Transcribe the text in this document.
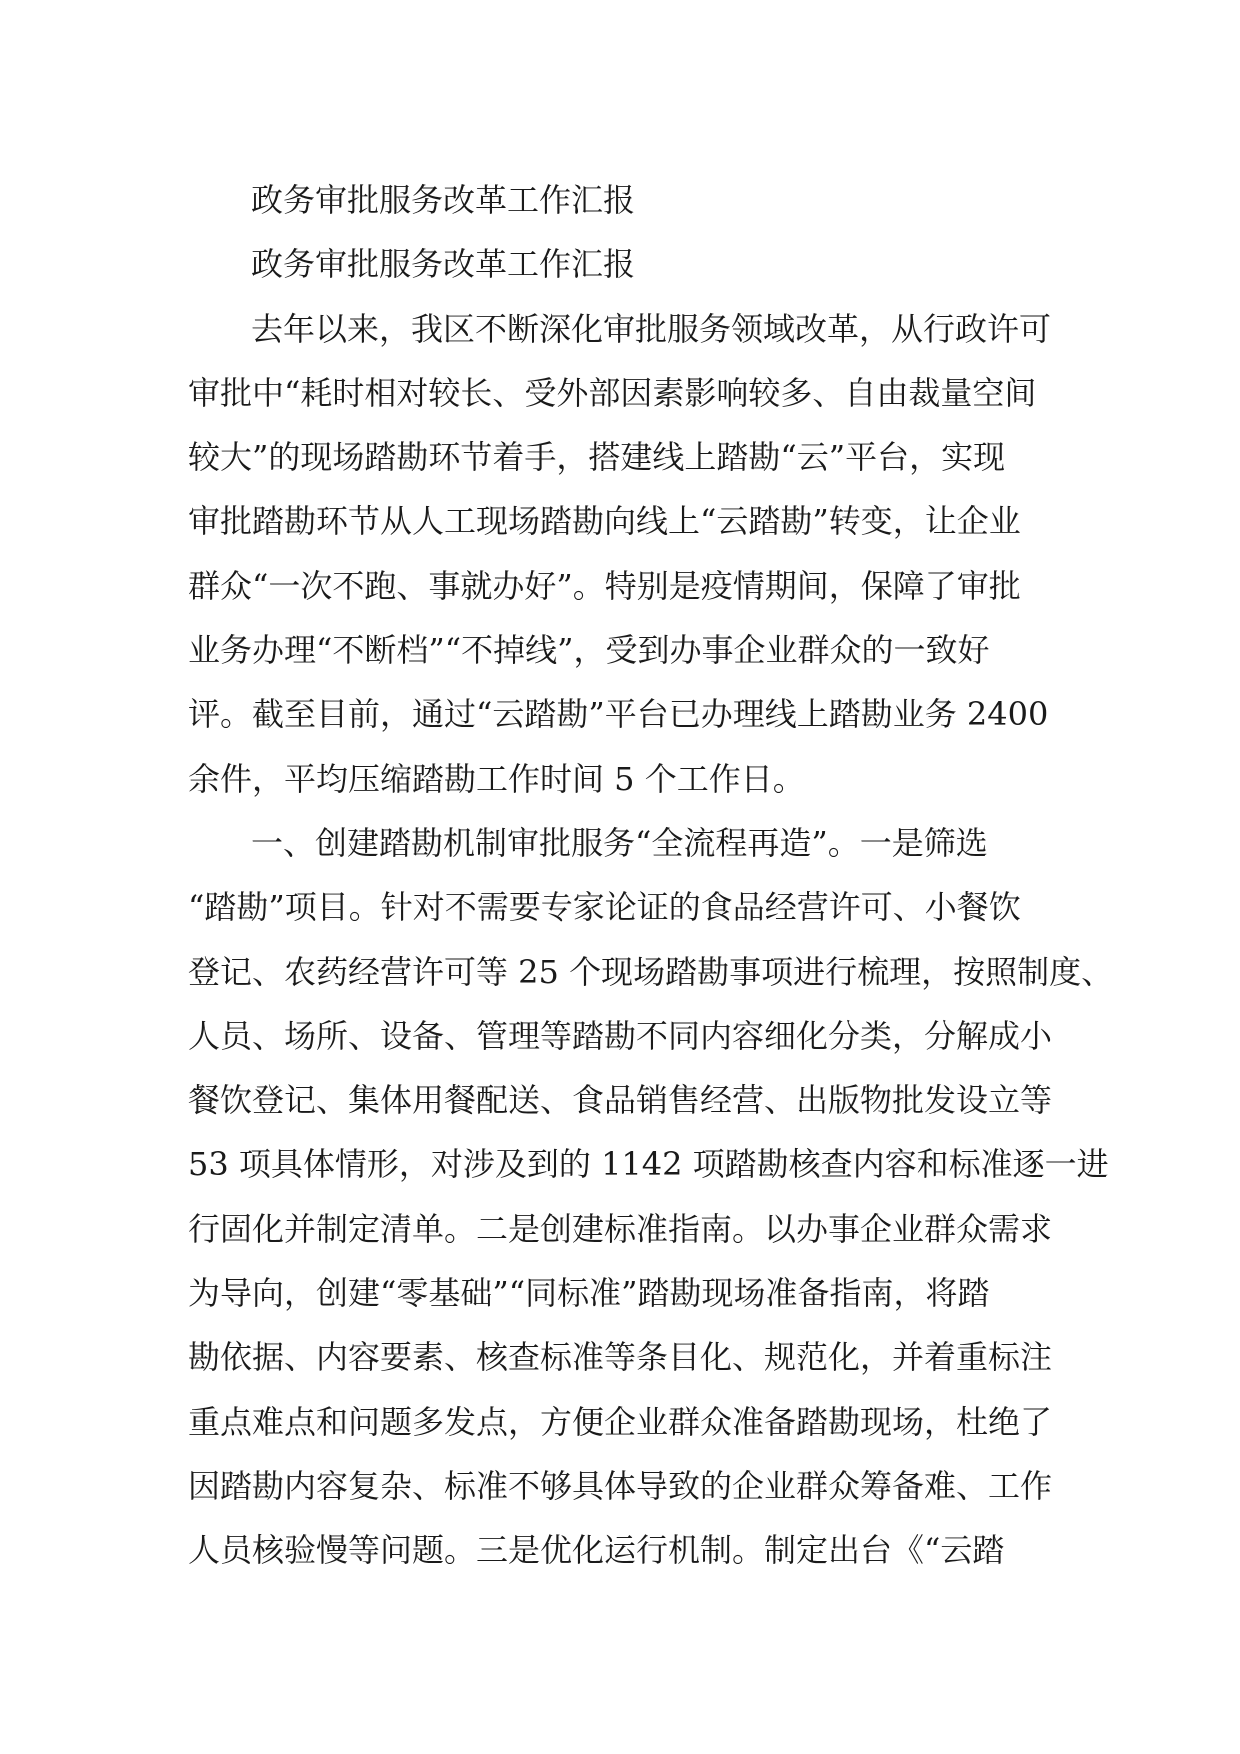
政务审批服务改革工作汇报
政务审批服务改革工作汇报
去年以来，我区不断深化审批服务领域改革，从行政许可
审批中“耗时相对较长、受外部因素影响较多、自由裁量空间
较大”的现场踏勘环节着手，搭建线上踏勘“云”平台，实现
审批踏勘环节从人工现场踏勘向线上“云踏勘”转变，让企业
群众“一次不跑、事就办好”。特别是疫情期间，保障了审批
业务办理“不断档”“不掉线”，受到办事企业群众的一致好
评。截至目前，通过“云踏勘”平台已办理线上踏勘业务 2400
余件，平均压缩踏勘工作时间 5 个工作日。
一、创建踏勘机制审批服务“全流程再造”。一是筛选
“踏勘”项目。针对不需要专家论证的食品经营许可、小餐饮
登记、农药经营许可等 25 个现场踏勘事项进行梳理，按照制度、
人员、场所、设备、管理等踏勘不同内容细化分类，分解成小
餐饮登记、集体用餐配送、食品销售经营、出版物批发设立等
53 项具体情形，对涉及到的 1142 项踏勘核查内容和标准逐一进
行固化并制定清单。二是创建标准指南。以办事企业群众需求
为导向，创建“零基础”“同标准”踏勘现场准备指南，将踏
勘依据、内容要素、核查标准等条目化、规范化，并着重标注
重点难点和问题多发点，方便企业群众准备踏勘现场，杜绝了
因踏勘内容复杂、标准不够具体导致的企业群众筹备难、工作
人员核验慢等问题。三是优化运行机制。制定出台《“云踏
